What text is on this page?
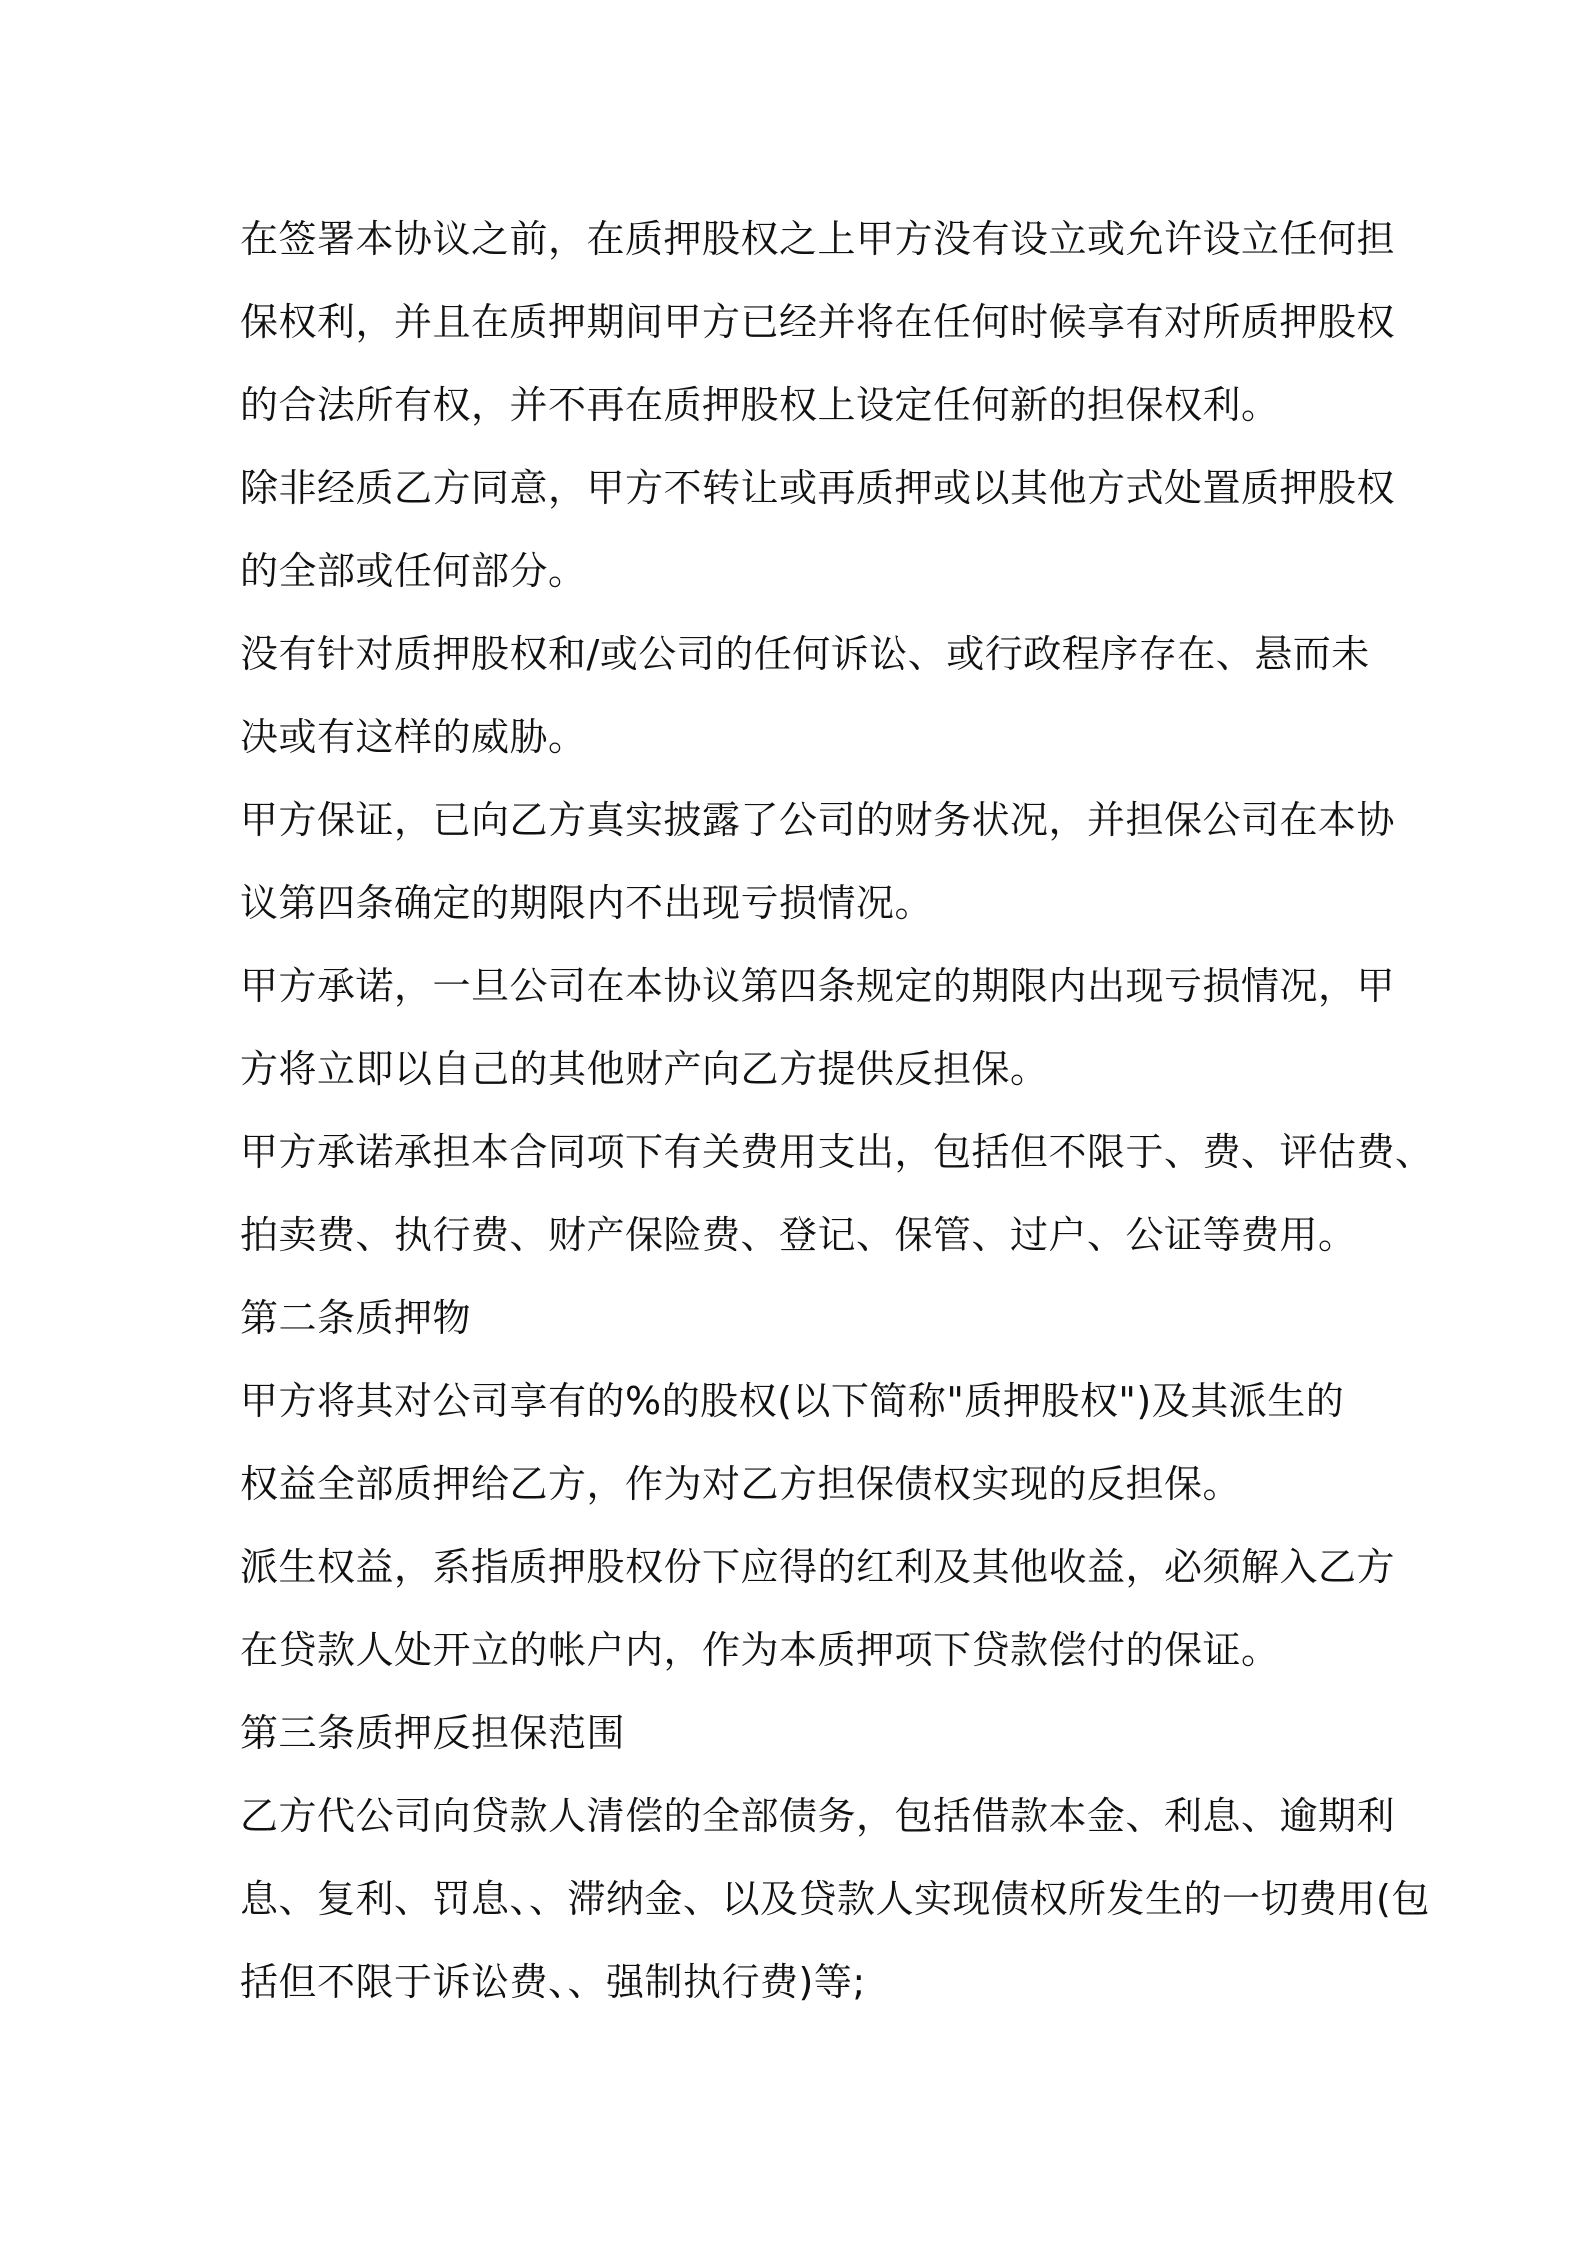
在签署本协议之前，在质押股权之上甲方没有设立或允许设立任何担
保权利，并且在质押期间甲方已经并将在任何时候享有对所质押股权
的合法所有权，并不再在质押股权上设定任何新的担保权利。

除非经质乙方同意，甲方不转让或再质押或以其他方式处置质押股权
的全部或任何部分。

没有针对质押股权和/或公司的任何诉讼、或行政程序存在、悬而未
决或有这样的威胁。

甲方保证，已向乙方真实披露了公司的财务状况，并担保公司在本协
议第四条确定的期限内不出现亏损情况。

甲方承诺，一旦公司在本协议第四条规定的期限内出现亏损情况，甲
方将立即以自己的其他财产向乙方提供反担保。

甲方承诺承担本合同项下有关费用支出，包括但不限于、费、评估费、
拍卖费、执行费、财产保险费、登记、保管、过户、公证等费用。

第二条质押物

甲方将其对公司享有的%的股权(以下简称"质押股权")及其派生的
权益全部质押给乙方，作为对乙方担保债权实现的反担保。

派生权益，系指质押股权份下应得的红利及其他收益，必须解入乙方
在贷款人处开立的帐户内，作为本质押项下贷款偿付的保证。

第三条质押反担保范围

乙方代公司向贷款人清偿的全部债务，包括借款本金、利息、逾期利
息、复利、罚息、、滞纳金、以及贷款人实现债权所发生的一切费用(包
括但不限于诉讼费、、强制执行费)等;
